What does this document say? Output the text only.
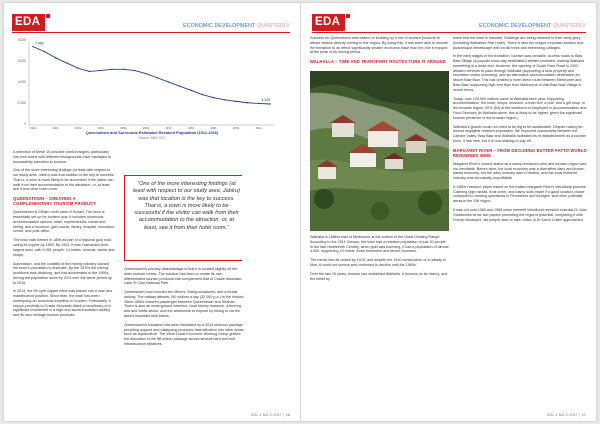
EDA	ECONOMIC DEVELOPMENT QUARTERLY
8,000
6,000
4,000
2,000
0
7,466
4,425
1911	1921	1931	1941	1951	1961	1971	1981	1991	2001	2011
Queenstown and Surrounds Estimated Resident Population (1911-2016)
Source: ABS 2017

A selection of these 10 possible useful insights, particularly into how towns with different backgrounds have managed to successfully transition to tourism.

One of the more interesting findings (at least with respect to our study area, Jabiru) was that location is the key to success. That is, a town is more likely to be successful if the visitor can walk from their accommodation to the attraction, or, at least, see it from their hotel room.

QUEENSTOWN – CREATING A COMPLEMENTARY TOURISM PRODUCT

Queenstown is 260km north west of Hobart. The town is essentially set up for tourism now. It includes numerous accommodation options, retail, supermarkets, banks and dining, and a museum, golf course, library, hospital, recreation centre, and post office.

The town was formed in 1896 as part of a regional gold rush, owing its copper by 1893. By 1901, it was Tasmania's third largest town, with 5,051 people, 14 hotels, schools, banks and shops.

Automation, and the volatility of the mining industry caused the town's population to fluctuate. By the 1970s the mining workforce was declining, and this accelerated in the 1990s, driving the population down by 43% over the same period up to 2016.

In 2014, the Mt Lyell copper mine was placed into a care and maintenance position. Since then, the town has been undergoing an economic transition to tourism. Fortunately, it enjoys proximity to Cradle Mountain (itself a beneficiary of a significant investment in a high-end accommodation facility) and its own heritage tourism products.

“One of the more interesting findings (at least with respect to our study area, Jabiru) was that location is the key to success. That is, a town is more likely to be successful if the visitor can walk from their accommodation to the attraction, or, at least, see it from their hotel room.”

Queenstown's primary disadvantage is that it is located slightly off the main tourism routes. The solution has been to create its own differentiated tourism products that complement that of Cradle Mountain-Lake St Clair National Park.

Queenstown now includes the Miners' Siding sculptures, and a tourist railway. The railway attracts 140 visitors a day (32,000 p.a.) to the historic 35km 1890s restored passenger between Queenstown and Strahan. There is also an underground interface, local history museum, a thriving arts and crafts sector, and the wilderness to explore by hiking or via the area's mountain bike tracks.

Queenstown's transition has been facilitated by a 2014 stimulus package providing support and catalysing economic diversification into other areas such as aquaculture. The West Coast Economic Working Group guided the allocation of the $8 million package across several hard and soft infrastructure initiatives.

VOL 1 NO.2 2017 | 26
EDA	ECONOMIC DEVELOPMENT QUARTERLY

Success for Queenstown was based on building up a mix of tourism products to attract visitors directly coming to the region. By doing this, it has been able to smooth the transition to an effect significantly smaller economic base than the one it enjoyed at the peak of its mining period.

WALHALLA – TIME AND TRANSPORT ROUTES TURN IT AROUND

some that the town is haunted. Buildings are being restored to their early glory (including Walhalla's Star Hotel). There is also the unique mountain location and picturesque streetscape with exotic trees and interesting cottages.

In the early stages of the transition, tourism was unviable. Access roads to Baw Baw Village (a popular snow-day destination) remain unsealed, making Walhalla something of a dead end. However, the opening of South Face Road in 2009 allowed vehicles to pass through Walhalla (supporting a rural property and recreation visitor economy), and an alternative accommodation destination for Mount Baw Baw. This has created a more direct route between Melbourne and Baw Baw, supporting high-end trips from Melbourne to visit Baw Baw Village in recent times.

Today, over 100,000 visitors come to Walhalla each year, supporting accommodation, the hotel, shops, museum, a train line, a pub, and a gift shop. In the broader region, 20% (64) of the workforce is employed in Accommodation and Food Services (in Walhalla alone, this is likely to be higher, given the significant tourism presence in the broader region).

Walhalla's growth could not need to be big to be sustainable. Despite having an almost negligible resident population, the improved connectivity between the Latrobe Valley, Baw Baw and Walhalla facilitated its re-establishment as a tourism town. It has time, but it is now starting to pay off.

MARGARET RIVER – FROM DECLINING BUTTER FATTO WORLD-RENOWNED WINE

Margaret River's current status as a world-renowned wine and tourism region was not inevitable. Before wine, the local economy was a diversified dairy and timber-based economy, but the dairy industry was in decline, and the local butterfat industry was chronically unprofitable.

A 1960s research paper based on the trialled Margaret River's viticultural promise. Claiming high rainfall, frost cover, and loamy soils made it a good location choice compared to existing operations in Pemberton and Mudgee, and other potential areas in the SW region.

It was not until 1965 and 1966 when eminent viticultural research scientist Dr John Gladstones wrote two papers promoting the region's potential, comparing it with French Bordeaux, did people start to take notice. A Dr Kevin Cullen approached

VOL 1 NO.2 2017 | 27

Walhalla is 188km east of Melbourne at the bottom of the Great Dividing Range. According to the 2011 Census, the town had a resident population of just 20 people. In the late Nineteenth Century, when gold was booming, it had a population of almost 4,000, supporting 10 hotels, three breweries and seven churches.

The mines had all closed by 1915, and despite the 1910 construction of a railway to Moe, it could not survive and continued to decline until the 1960s.

Over the last 20 years, tourism has revitalised Walhalla. It focuses on its history, and the belief by
